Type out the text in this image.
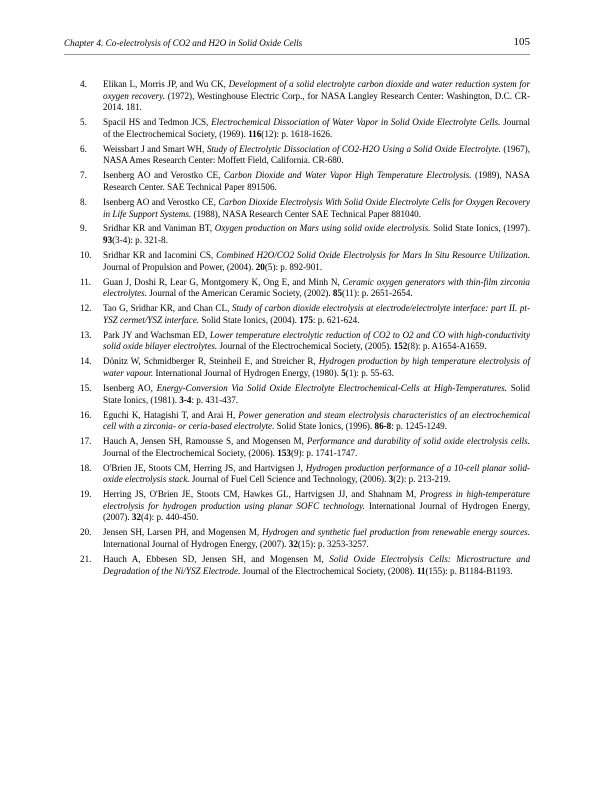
Chapter 4. Co-electrolysis of CO2 and H2O in Solid Oxide Cells	105
4. Elikan L, Morris JP, and Wu CK, Development of a solid electrolyte carbon dioxide and water reduction system for oxygen recovery. (1972), Westinghouse Electric Corp., for NASA Langley Research Center: Washington, D.C. CR-2014. 181.
5. Spacil HS and Tedmon JCS, Electrochemical Dissociation of Water Vapor in Solid Oxide Electrolyte Cells. Journal of the Electrochemical Society, (1969). 116(12): p. 1618-1626.
6. Weissbart J and Smart WH, Study of Electrolytic Dissociation of CO2-H2O Using a Solid Oxide Electrolyte. (1967), NASA Ames Research Center: Moffett Field, California. CR-680.
7. Isenberg AO and Verostko CE, Carbon Dioxide and Water Vapor High Temperature Electrolysis. (1989), NASA Research Center. SAE Technical Paper 891506.
8. Isenberg AO and Verostko CE, Carbon Dioxide Electrolysis With Solid Oxide Electrolyte Cells for Oxygen Recovery in Life Support Systems. (1988), NASA Research Center SAE Technical Paper 881040.
9. Sridhar KR and Vaniman BT, Oxygen production on Mars using solid oxide electrolysis. Solid State Ionics, (1997). 93(3-4): p. 321-8.
10. Sridhar KR and Iacomini CS, Combined H2O/CO2 Solid Oxide Electrolysis for Mars In Situ Resource Utilization. Journal of Propulsion and Power, (2004). 20(5): p. 892-901.
11. Guan J, Doshi R, Lear G, Montgomery K, Ong E, and Minh N, Ceramic oxygen generators with thin-film zirconia electrolytes. Journal of the American Ceramic Society, (2002). 85(11): p. 2651-2654.
12. Tao G, Sridhar KR, and Chan CL, Study of carbon dioxide electrolysis at electrode/electrolyte interface: part II. pt-YSZ cermet/YSZ interface. Solid State Ionics, (2004). 175: p. 621-624.
13. Park JY and Wachsman ED, Lower temperature electrolytic reduction of CO2 to O2 and CO with high-conductivity solid oxide bilayer electrolytes. Journal of the Electrochemical Society, (2005). 152(8): p. A1654-A1659.
14. Dönitz W, Schmidberger R, Steinheil E, and Streicher R, Hydrogen production by high temperature electrolysis of water vapour. International Journal of Hydrogen Energy, (1980). 5(1): p. 55-63.
15. Isenberg AO, Energy-Conversion Via Solid Oxide Electrolyte Electrochemical-Cells at High-Temperatures. Solid State Ionics, (1981). 3-4: p. 431-437.
16. Eguchi K, Hatagishi T, and Arai H, Power generation and steam electrolysis characteristics of an electrochemical cell with a zirconia- or ceria-based electrolyte. Solid State Ionics, (1996). 86-8: p. 1245-1249.
17. Hauch A, Jensen SH, Ramousse S, and Mogensen M, Performance and durability of solid oxide electrolysis cells. Journal of the Electrochemical Society, (2006). 153(9): p. 1741-1747.
18. O'Brien JE, Stoots CM, Herring JS, and Hartvigsen J, Hydrogen production performance of a 10-cell planar solid-oxide electrolysis stack. Journal of Fuel Cell Science and Technology, (2006). 3(2): p. 213-219.
19. Herring JS, O'Brien JE, Stoots CM, Hawkes GL, Hartvigsen JJ, and Shahnam M, Progress in high-temperature electrolysis for hydrogen production using planar SOFC technology. International Journal of Hydrogen Energy, (2007). 32(4): p. 440-450.
20. Jensen SH, Larsen PH, and Mogensen M, Hydrogen and synthetic fuel production from renewable energy sources. International Journal of Hydrogen Energy, (2007). 32(15): p. 3253-3257.
21. Hauch A, Ebbesen SD, Jensen SH, and Mogensen M, Solid Oxide Electrolysis Cells: Microstructure and Degradation of the Ni/YSZ Electrode. Journal of the Electrochemical Society, (2008). 11(155): p. B1184-B1193.
